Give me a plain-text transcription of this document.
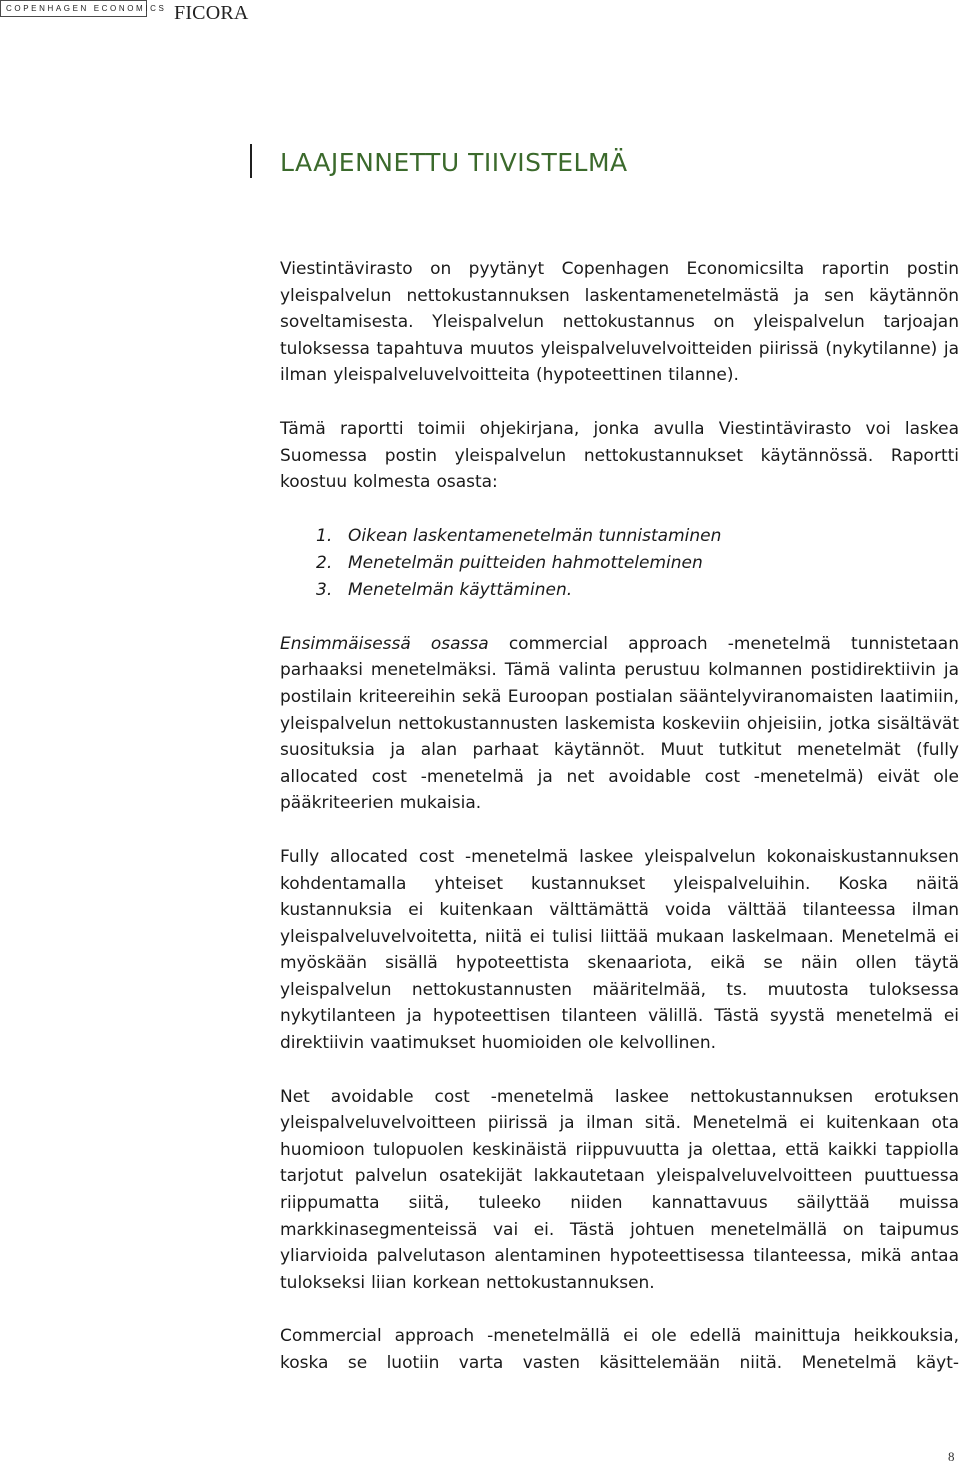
COPENHAGEN ECONOMICS FICORA
LAAJENNETTU TIIVISTELMÄ

Viestintävirasto on pyytänyt Copenhagen Economicsilta raportin postin yleispalvelun nettokustannuksen laskentamenetelmästä ja sen käytännön soveltamisesta. Yleispalvelun nettokustannus on yleispalvelun tarjoajan tuloksessa tapahtuva muutos yleispalveluvelvoitteiden piirissä (nykytilanne) ja ilman yleispalveluvelvoitteita (hypoteettinen tilanne).

Tämä raportti toimii ohjekirjana, jonka avulla Viestintävirasto voi laskea Suomessa postin yleispalvelun nettokustannukset käytännössä. Raportti koostuu kolmesta osasta:

1. Oikean laskentamenetelmän tunnistaminen
2. Menetelmän puitteiden hahmotteleminen
3. Menetelmän käyttäminen.

Ensimmäisessä osassa commercial approach -menetelmä tunnistetaan parhaaksi menetelmäksi. Tämä valinta perustuu kolmannen postidirektiivin ja postilain kriteereihin sekä Euroopan postialan sääntelyviranomaisten laatimiin, yleispalvelun nettokustannusten laskemista koskeviin ohjeisiin, jotka sisältävät suosituksia ja alan parhaat käytännöt. Muut tutkitut menetelmät (fully allocated cost -menetelmä ja net avoidable cost -menetelmä) eivät ole pääkriteerien mukaisia.

Fully allocated cost -menetelmä laskee yleispalvelun kokonaiskustannuksen kohdentamalla yhteiset kustannukset yleispalveluihin. Koska näitä kustannuksia ei kuitenkaan välttämättä voida välttää tilanteessa ilman yleispalveluvelvoitetta, niitä ei tulisi liittää mukaan laskelmaan. Menetelmä ei myöskään sisällä hypoteettista skenaariota, eikä se näin ollen täytä yleispalvelun nettokustannusten määritelmää, ts. muutosta tuloksessa nykytilanteen ja hypoteettisen tilanteen välillä. Tästä syystä menetelmä ei direktiivin vaatimukset huomioiden ole kelvollinen.

Net avoidable cost -menetelmä laskee nettokustannuksen erotuksen yleispalveluvelvoitteen piirissä ja ilman sitä. Menetelmä ei kuitenkaan ota huomioon tulopuolen keskinäistä riippuvuutta ja olettaa, että kaikki tappiolla tarjotut palvelun osatekijät lakkautetaan yleispalveluvelvoitteen puuttuessa riippumatta siitä, tuleeko niiden kannattavuus säilyttää muissa markkinasegmenteissä vai ei. Tästä johtuen menetelmällä on taipumus yliarvioida palvelutason alentaminen hypoteettisessa tilanteessa, mikä antaa tulokseksi liian korkean nettokustannuksen.

Commercial approach -menetelmällä ei ole edellä mainittuja heikkouksia, koska se luotiin varta vasten käsittelemään niitä. Menetelmä käyt-

8
